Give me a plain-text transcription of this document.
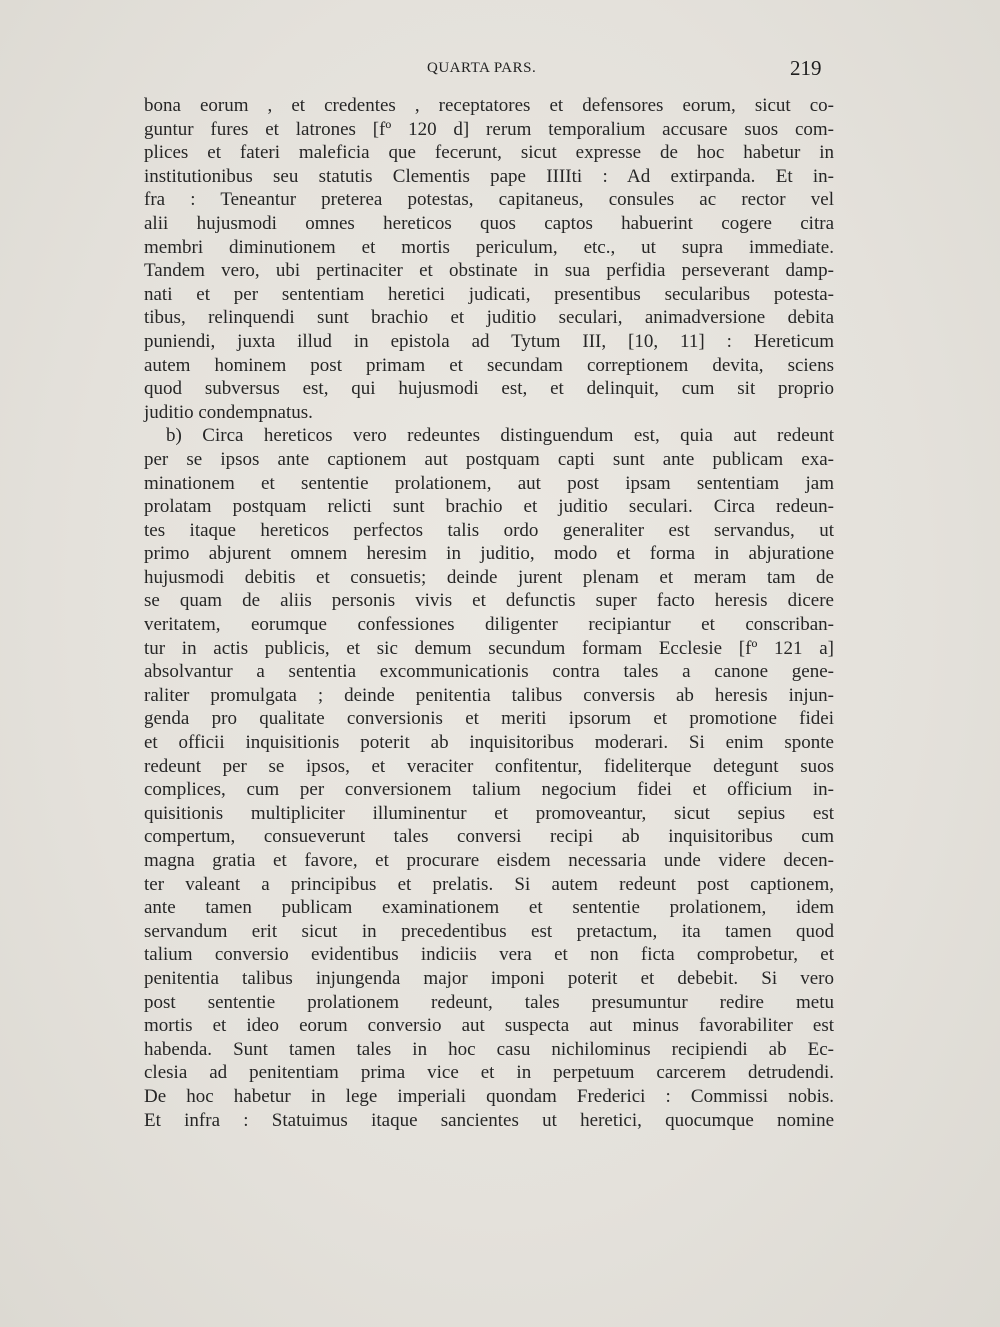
QUARTA PARS.	219
bona eorum , et credentes , receptatores et defensores eorum, sicut co-
guntur fures et latrones [fº 120 d] rerum temporalium accusare suos com-
plices et fateri maleficia que fecerunt, sicut expresse de hoc habetur in
institutionibus seu statutis Clementis pape IIIIti : Ad extirpanda. Et in-
fra : Teneantur preterea potestas, capitaneus, consules ac rector vel
alii hujusmodi omnes hereticos quos captos habuerint cogere citra
membri diminutionem et mortis periculum, etc., ut supra immediate.
Tandem vero, ubi pertinaciter et obstinate in sua perfidia perseverant damp-
nati et per sententiam heretici judicati, presentibus secularibus potesta-
tibus, relinquendi sunt brachio et juditio seculari, animadversione debita
puniendi, juxta illud in epistola ad Tytum III, [10, 11] : Hereticum
autem hominem post primam et secundam correptionem devita, sciens
quod subversus est, qui hujusmodi est, et delinquit, cum sit proprio
juditio condempnatus.
b) Circa hereticos vero redeuntes distinguendum est, quia aut redeunt
per se ipsos ante captionem aut postquam capti sunt ante publicam exa-
minationem et sententie prolationem, aut post ipsam sententiam jam
prolatam postquam relicti sunt brachio et juditio seculari. Circa redeun-
tes itaque hereticos perfectos talis ordo generaliter est servandus, ut
primo abjurent omnem heresim in juditio, modo et forma in abjuratione
hujusmodi debitis et consuetis; deinde jurent plenam et meram tam de
se quam de aliis personis vivis et defunctis super facto heresis dicere
veritatem, eorumque confessiones diligenter recipiantur et conscriban-
tur in actis publicis, et sic demum secundum formam Ecclesie [fº 121 a]
absolvantur a sententia excommunicationis contra tales a canone gene-
raliter promulgata ; deinde penitentia talibus conversis ab heresis injun-
genda pro qualitate conversionis et meriti ipsorum et promotione fidei
et officii inquisitionis poterit ab inquisitoribus moderari. Si enim sponte
redeunt per se ipsos, et veraciter confitentur, fideliterque detegunt suos
complices, cum per conversionem talium negocium fidei et officium in-
quisitionis multipliciter illuminentur et promoveantur, sicut sepius est
compertum, consueverunt tales conversi recipi ab inquisitoribus cum
magna gratia et favore, et procurare eisdem necessaria unde videre decen-
ter valeant a principibus et prelatis. Si autem redeunt post captionem,
ante tamen publicam examinationem et sententie prolationem, idem
servandum erit sicut in precedentibus est pretactum, ita tamen quod
talium conversio evidentibus indiciis vera et non ficta comprobetur, et
penitentia talibus injungenda major imponi poterit et debebit. Si vero
post sententie prolationem redeunt, tales presumuntur redire metu
mortis et ideo eorum conversio aut suspecta aut minus favorabiliter est
habenda. Sunt tamen tales in hoc casu nichilominus recipiendi ab Ec-
clesia ad penitentiam prima vice et in perpetuum carcerem detrudendi.
De hoc habetur in lege imperiali quondam Frederici : Commissi nobis.
Et infra : Statuimus itaque sancientes ut heretici, quocumque nomine
